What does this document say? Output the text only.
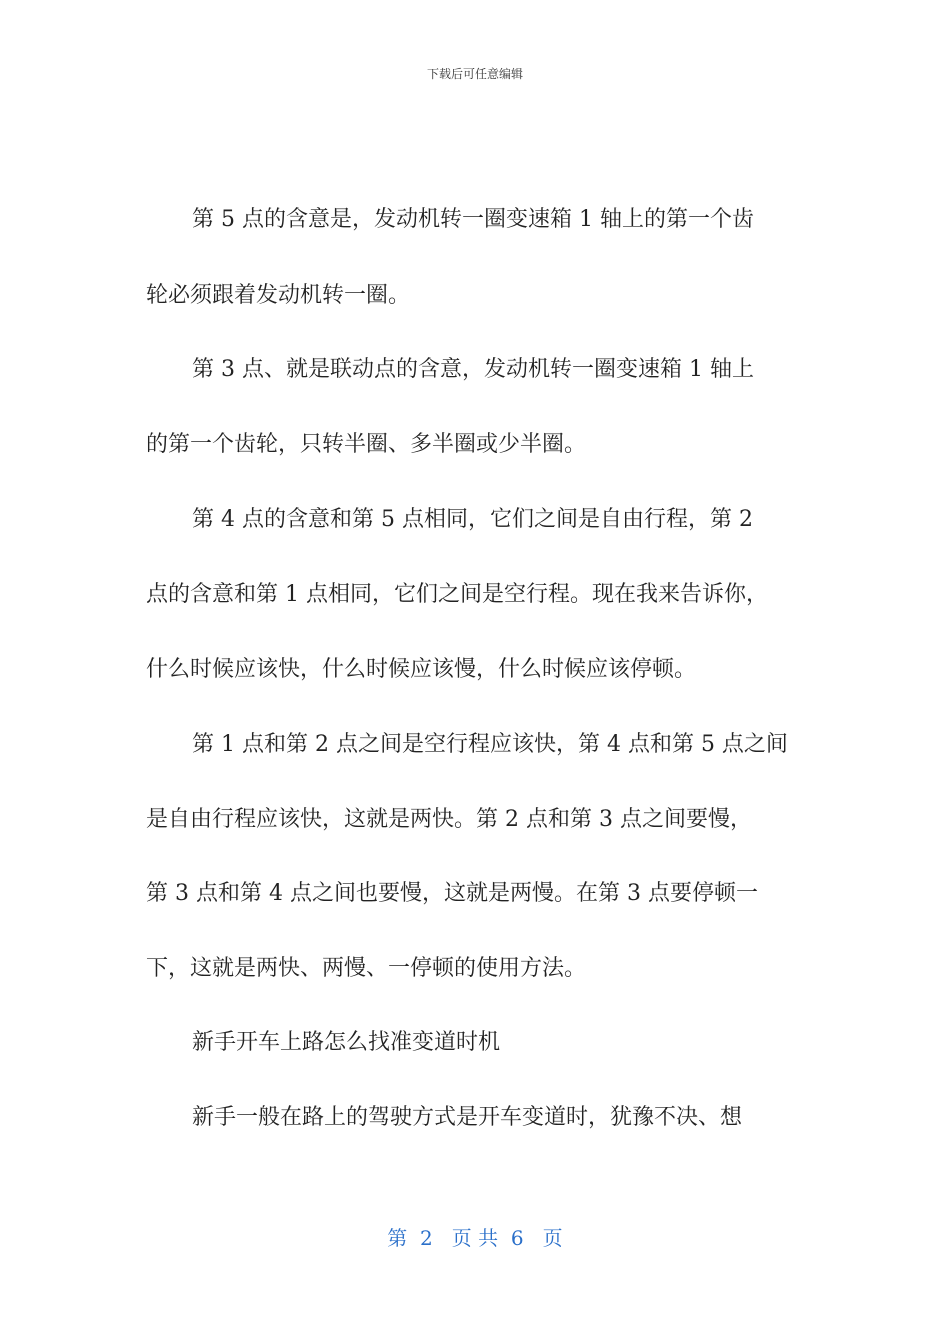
下载后可任意编辑
第 5 点的含意是，发动机转一圈变速箱 1 轴上的第一个齿
轮必须跟着发动机转一圈。
第 3 点、就是联动点的含意，发动机转一圈变速箱 1 轴上
的第一个齿轮，只转半圈、多半圈或少半圈。
第 4 点的含意和第 5 点相同，它们之间是自由行程，第 2
点的含意和第 1 点相同，它们之间是空行程。现在我来告诉你，
什么时候应该快，什么时候应该慢，什么时候应该停顿。
第 1 点和第 2 点之间是空行程应该快，第 4 点和第 5 点之间
是自由行程应该快，这就是两快。第 2 点和第 3 点之间要慢，
第 3 点和第 4 点之间也要慢，这就是两慢。在第 3 点要停顿一
下，这就是两快、两慢、一停顿的使用方法。
新手开车上路怎么找准变道时机
新手一般在路上的驾驶方式是开车变道时，犹豫不决、想
第  2   页 共  6   页
